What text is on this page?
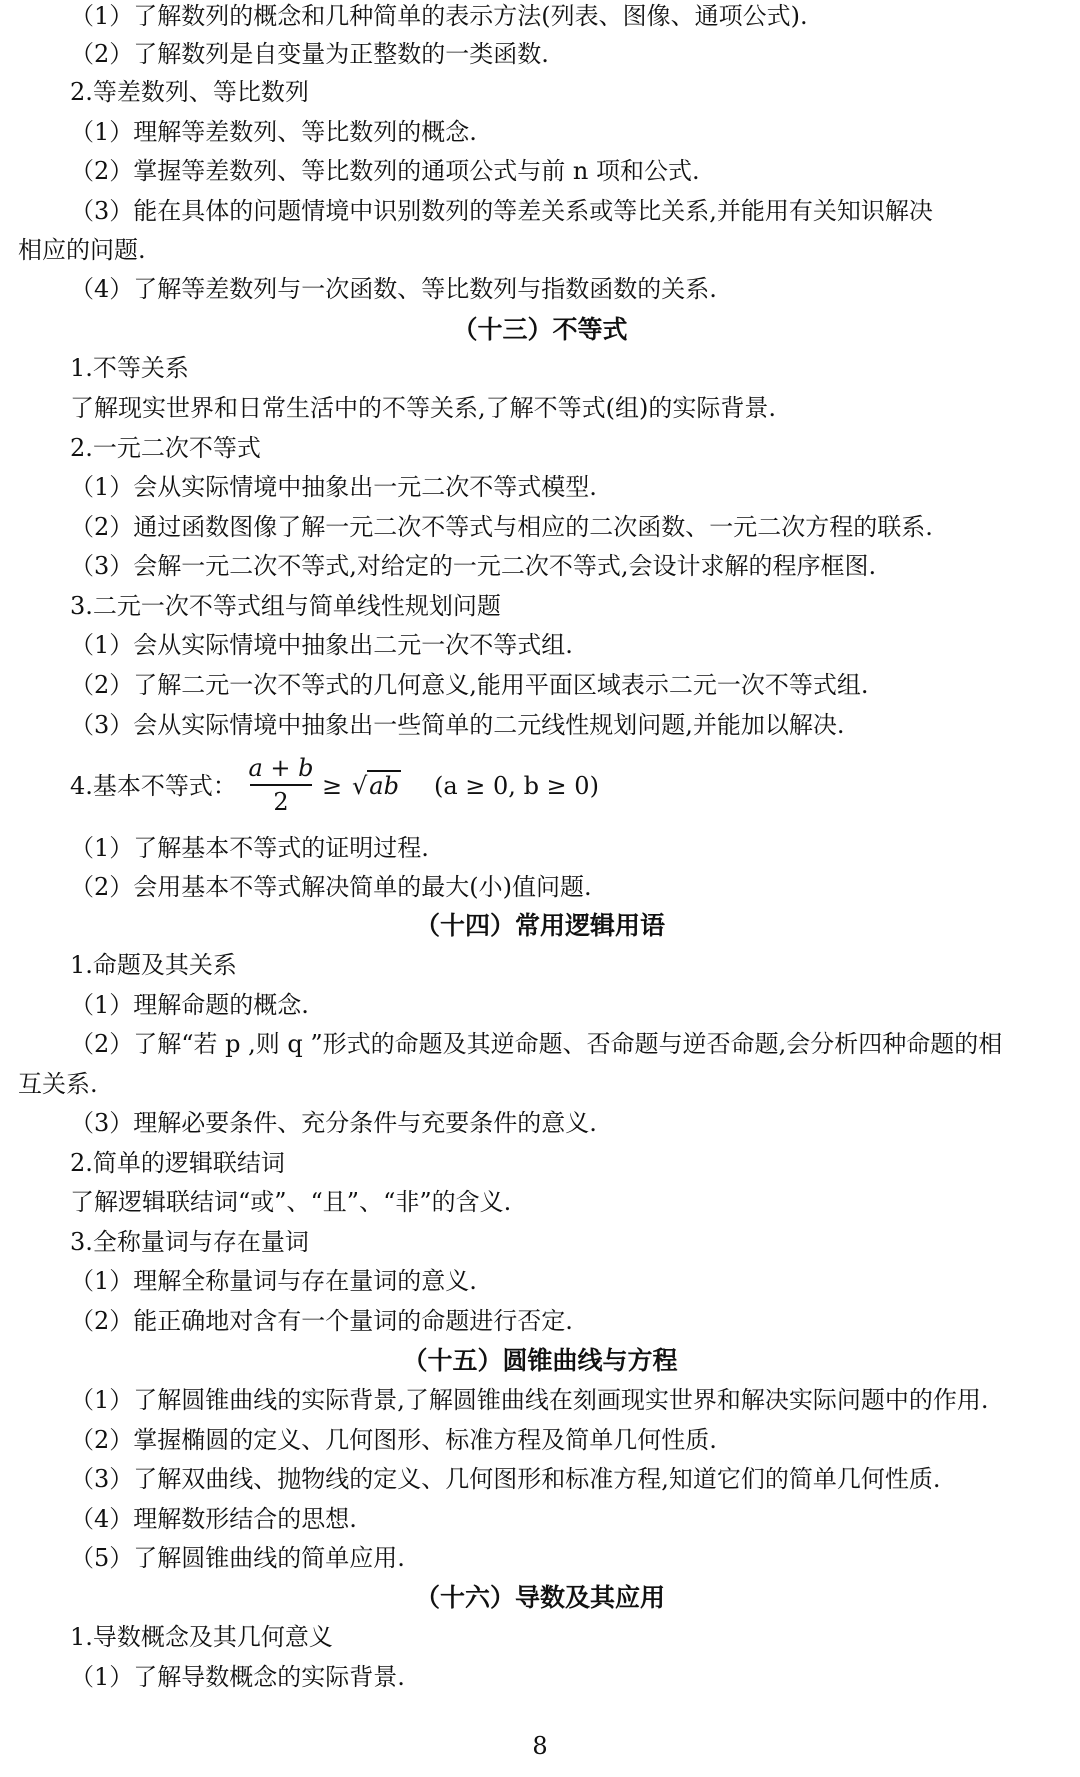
（1）了解数列的概念和几种简单的表示方法(列表、图像、通项公式).
（2）了解数列是自变量为正整数的一类函数.
2.等差数列、等比数列
（1）理解等差数列、等比数列的概念.
（2）掌握等差数列、等比数列的通项公式与前 n 项和公式.
（3）能在具体的问题情境中识别数列的等差关系或等比关系,并能用有关知识解决
相应的问题.
（4）了解等差数列与一次函数、等比数列与指数函数的关系.
（十三）不等式
1.不等关系
了解现实世界和日常生活中的不等关系,了解不等式(组)的实际背景.
2.一元二次不等式
（1）会从实际情境中抽象出一元二次不等式模型.
（2）通过函数图像了解一元二次不等式与相应的二次函数、一元二次方程的联系.
（3）会解一元二次不等式,对给定的一元二次不等式,会设计求解的程序框图.
3.二元一次不等式组与简单线性规划问题
（1）会从实际情境中抽象出二元一次不等式组.
（2）了解二元一次不等式的几何意义,能用平面区域表示二元一次不等式组.
（3）会从实际情境中抽象出一些简单的二元线性规划问题,并能加以解决.
4.基本不等式：
a + b
2
≥ √ab (a ≥ 0, b ≥ 0)
（1）了解基本不等式的证明过程.
（2）会用基本不等式解决简单的最大(小)值问题.
（十四）常用逻辑用语
1.命题及其关系
（1）理解命题的概念.
（2）了解“若 p ,则 q ”形式的命题及其逆命题、否命题与逆否命题,会分析四种命题的相
互关系.
（3）理解必要条件、充分条件与充要条件的意义.
2.简单的逻辑联结词
了解逻辑联结词“或”、“且”、“非”的含义.
3.全称量词与存在量词
（1）理解全称量词与存在量词的意义.
（2）能正确地对含有一个量词的命题进行否定.
（十五）圆锥曲线与方程
（1）了解圆锥曲线的实际背景,了解圆锥曲线在刻画现实世界和解决实际问题中的作用.
（2）掌握椭圆的定义、几何图形、标准方程及简单几何性质.
（3）了解双曲线、抛物线的定义、几何图形和标准方程,知道它们的简单几何性质.
（4）理解数形结合的思想.
（5）了解圆锥曲线的简单应用.
（十六）导数及其应用
1.导数概念及其几何意义
（1）了解导数概念的实际背景.
8
